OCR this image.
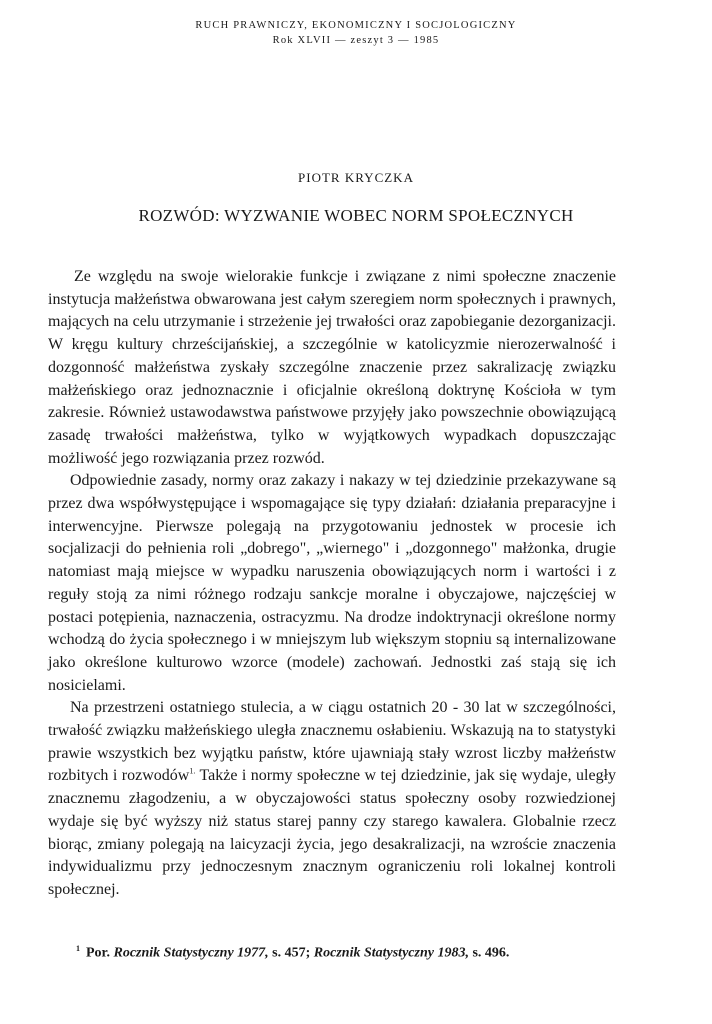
RUCH PRAWNICZY, EKONOMICZNY I SOCJOLOGICZNY
Rok XLVII — zeszyt 3 — 1985
PIOTR KRYCZKA
ROZWÓD: WYZWANIE WOBEC NORM SPOŁECZNYCH

Ze względu na swoje wielorakie funkcje i związane z nimi społeczne znaczenie instytucja małżeństwa obwarowana jest całym szeregiem norm społecznych i prawnych, mających na celu utrzymanie i strzeżenie jej trwałości oraz zapobieganie dezorganizacji. W kręgu kultury chrześcijańskiej, a szczególnie w katolicyzmie nierozerwalność i dozgonność małżeństwa zyskały szczególne znaczenie przez sakralizację związku małżeńskiego oraz jednoznacznie i oficjalnie określoną doktrynę Kościoła w tym zakresie. Również ustawodawstwa państwowe przyjęły jako powszechnie obowiązującą zasadę trwałości małżeństwa, tylko w wyjątkowych wypadkach dopuszczając możliwość jego rozwiązania przez rozwód.

Odpowiednie zasady, normy oraz zakazy i nakazy w tej dziedzinie przekazywane są przez dwa współwystępujące i wspomagające się typy działań: działania preparacyjne i interwencyjne. Pierwsze polegają na przygotowaniu jednostek w procesie ich socjalizacji do pełnienia roli „dobrego", „wiernego" i „dozgonnego" małżonka, drugie natomiast mają miejsce w wypadku naruszenia obowiązujących norm i wartości i z reguły stoją za nimi różnego rodzaju sankcje moralne i obyczajowe, najczęściej w postaci potępienia, naznaczenia, ostracyzmu. Na drodze indoktrynacji określone normy wchodzą do życia społecznego i w mniejszym lub większym stopniu są internalizowane jako określone kulturowo wzorce (modele) zachowań. Jednostki zaś stają się ich nosicielami.

Na przestrzeni ostatniego stulecia, a w ciągu ostatnich 20 - 30 lat w szczególności, trwałość związku małżeńskiego uległa znacznemu osłabieniu. Wskazują na to statystyki prawie wszystkich bez wyjątku państw, które ujawniają stały wzrost liczby małżeństw rozbitych i rozwodów$^{1.}$ Także i normy społeczne w tej dziedzinie, jak się wydaje, uległy znacznemu złagodzeniu, a w obyczajowości status społeczny osoby rozwiedzionej wydaje się być wyższy niż status starej panny czy starego kawalera. Globalnie rzecz biorąc, zmiany polegają na laicyzacji życia, jego desakralizacji, na wzroście znaczenia indywidualizmu przy jednoczesnym znacznym ograniczeniu roli lokalnej kontroli społecznej.

$^1$ Por. Rocznik Statystyczny 1977, s. 457; Rocznik Statystyczny 1983, s. 496.
